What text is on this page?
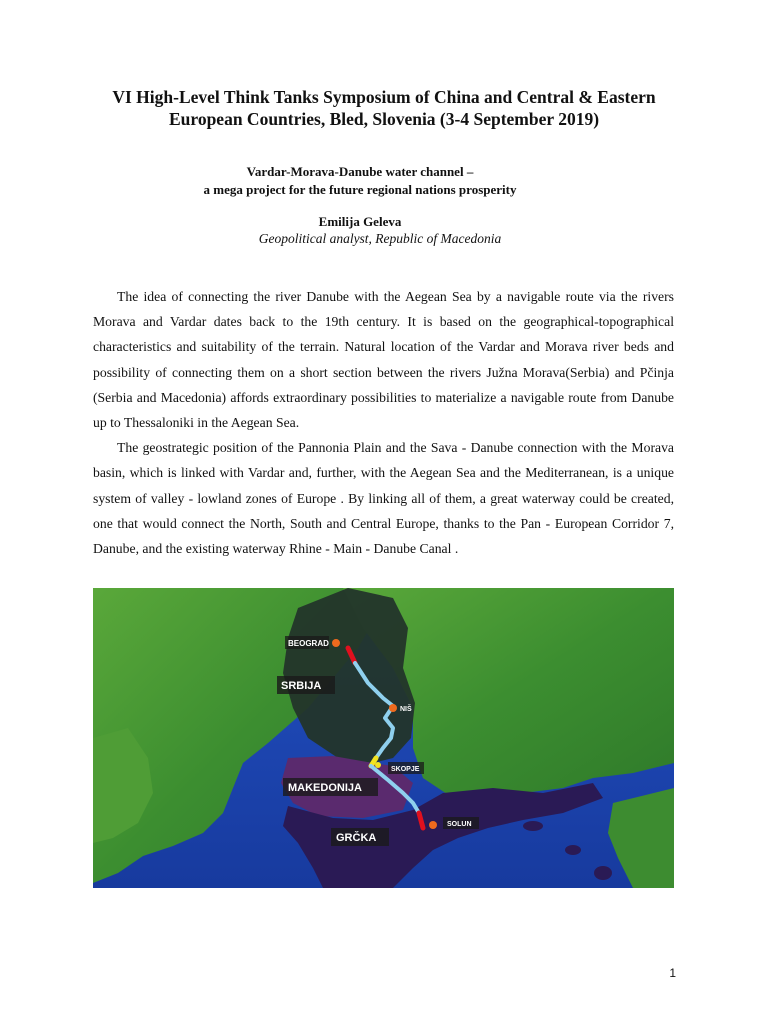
VI High-Level Think Tanks Symposium of China and Central & Eastern
European Countries, Bled, Slovenia (3-4 September 2019)
Vardar-Morava-Danube water channel –
a mega project for the future regional nations prosperity
Emilija Geleva
Geopolitical analyst, Republic of Macedonia

The idea of connecting the river Danube with the Aegean Sea by a navigable route via the rivers Morava and Vardar dates back to the 19th century. It is based on the geographical-topographical characteristics and suitability of the terrain. Natural location of the Vardar and Morava river beds and possibility of connecting them on a short section between the rivers Južna Morava(Serbia) and Pčinja (Serbia and Macedonia) affords extraordinary possibilities to materialize a navigable route from Danube up to Thessaloniki in the Aegean Sea.

The geostrategic position of the Pannonia Plain and the Sava - Danube connection with the Morava basin, which is linked with Vardar and, further, with the Aegean Sea and the Mediterranean, is a unique system of valley - lowland zones of Europe . By linking all of them, a great waterway could be created, one that would connect the North, South and Central Europe, thanks to the Pan - European Corridor 7, Danube, and the existing waterway Rhine - Main - Danube Canal .

BEOGRAD
SRBIJA
NIŠ
SKOPJE
MAKEDONIJA
SOLUN
GRČKA
1
